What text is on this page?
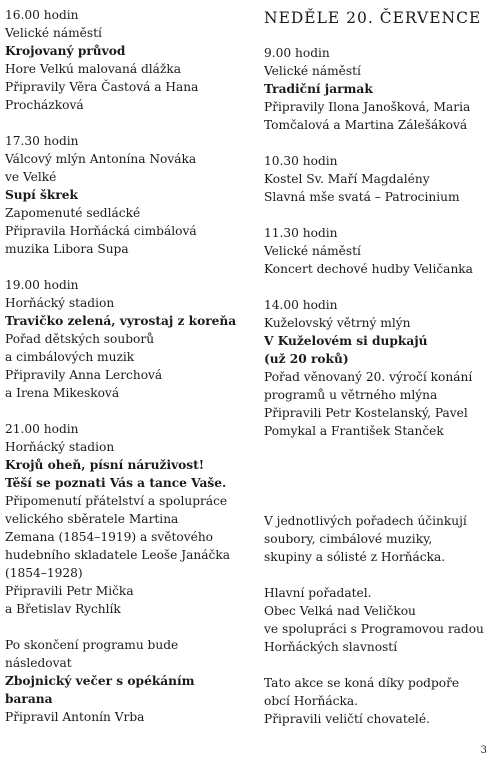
16.00 hodin
Velické náměstí
Krojovaný průvod
Hore Velkú malovaná dlážka
Připravily Věra Častová a Hana
Procházková
17.30 hodin
Válcový mlýn Antonína Nováka
ve Velké
Supí škrek
Zapomenuté sedlácké
Připravila Horňácká cimbálová
muzika Libora Supa
19.00 hodin
Horňácký stadion
Travičko zelená, vyrostaj z koreňa
Pořad dětských souborů
a cimbálových muzik
Připravily Anna Lerchová
a Irena Mikesková
21.00 hodin
Horňácký stadion
Krojů oheň, písní náruživost!
Těší se poznati Vás a tance Vaše.
Připomenutí přátelství a spolupráce
velického sběratele Martina
Zemana (1854–1919) a světového
hudebního skladatele Leoše Janáčka
(1854–1928)
Připravili Petr Mička
a Břetislav Rychlík
Po skončení programu bude
následovat
Zbojnický večer s opékáním
barana
Připravil Antonín Vrba
NEDĚLE 20. ČERVENCE
9.00 hodin
Velické náměstí
Tradiční jarmak
Připravily Ilona Janošková, Maria
Tomčalová a Martina Zálešáková
10.30 hodin
Kostel Sv. Maří Magdalény
Slavná mše svatá – Patrocinium
11.30 hodin
Velické náměstí
Koncert dechové hudby Veličanka
14.00 hodin
Kuželovský větrný mlýn
V Kuželovém si dupkajú
(už 20 roků)
Pořad věnovaný 20. výročí konání
programů u větrného mlýna
Připravili Petr Kostelanský, Pavel
Pomykal a František Stanček
V jednotlivých pořadech účinkují
soubory, cimbálové muziky,
skupiny a sólisté z Horňácka.
Hlavní pořadatel.
Obec Velká nad Veličkou
ve spolupráci s Programovou radou
Horňáckých slavností
Tato akce se koná díky podpoře
obcí Horňácka.
Připravili veličtí chovatelé.
3
